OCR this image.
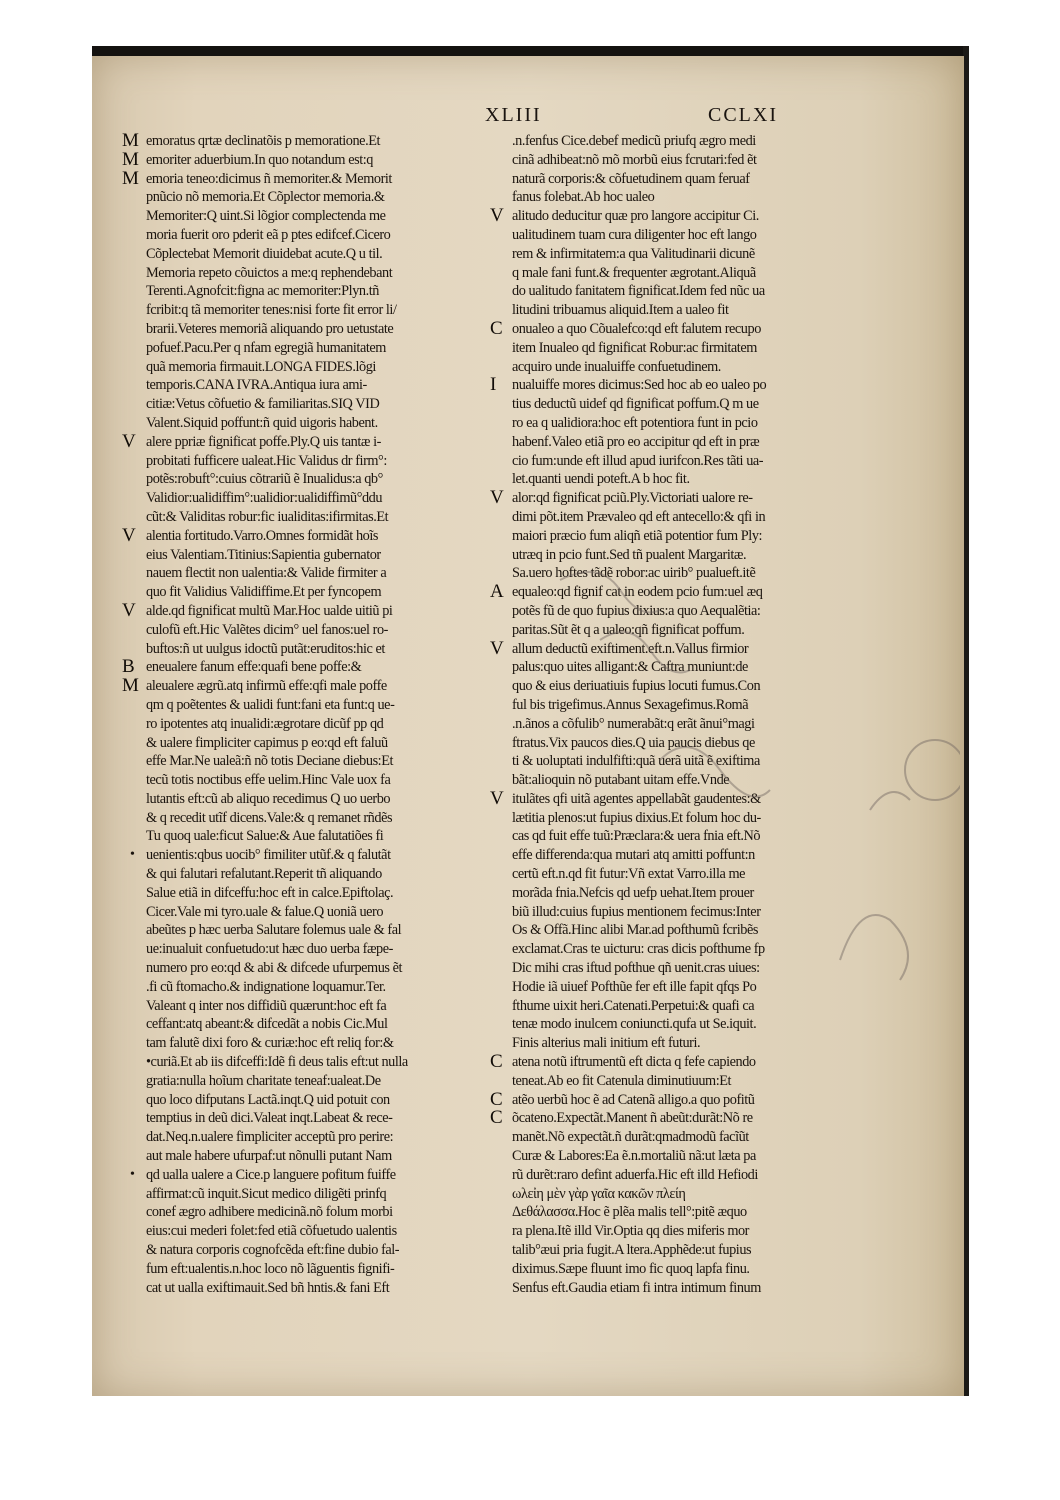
XLIII	CCLXI
M emoratus qrtæ declinatõis p memoratione.Et
M emoriter aduerbium.In quo notandum est:q
M emoria teneo:dicimus ñ memoriter.& Memorit
pnũcio nõ memoria.Et Cõplector memoria.&
Memoriter:Q uint.Si lõgior complectenda me
moria fuerit oro pderit eã p ptes edifcef.Cicero
Cõplectebat Memorit diuidebat acute.Q u til.
Memoria repeto cõuictos a me:q rephendebant
Terenti.Agnofcit:figna ac memoriter:Plyn.tñ
fcribit:q tã memoriter tenes:nisi forte fit error li/
brarii.Veteres memoriã aliquando pro uetustate
pofuef.Pacu.Per q nfam egregiã humanitatem
quã memoria firmauit.LONGA FIDES.lõgi
temporis.CANA IVRA.Antiqua iura ami-
citiæ:Vetus cõfuetio & familiaritas.SIQ VID
Valent.Siquid poffunt:ñ quid uigoris habent.
V alere ppriæ fignificat poffe.Ply.Q uis tantæ i-
probitati fufficere ualeat.Hic Validus dr firm°:
potẽs:robuft°:cuius cõtrariũ ẽ Inualidus:a qb°
Validior:ualidiffim°:ualidior:ualidiffimũ°ddu
cũt:& Validitas robur:fic iualiditas:ifirmitas.Et
V alentia fortitudo.Varro.Omnes formidãt hoĩs
eius Valentiam.Titinius:Sapientia gubernator
nauem flectit non ualentia:& Valide firmiter a
quo fit Validius Validiffime.Et per fyncopem
V alde.qd fignificat multũ Mar.Hoc ualde uitiũ pi
culofũ eft.Hic Valẽtes dicim° uel fanos:uel ro-
buftos:ñ ut uulgus idoctũ putãt:eruditos:hic et
B eneualere fanum effe:quafi bene poffe:&
M aleualere ægrũ.atq infirmũ effe:qfi male poffe
qm q poẽtentes & ualidi funt:fani eta funt:q ue-
ro ipotentes atq inualidi:ægrotare dicũf pp qd
& ualere fimpliciter capimus p eo:qd eft faluũ
effe Mar.Ne ualeã:ñ nõ totis Deciane diebus:Et
tecũ totis noctibus effe uelim.Hinc Vale uox fa
lutantis eft:cũ ab aliquo recedimus Q uo uerbo
& q recedit utĩf dicens.Vale:& q remanet rñdẽs
Tu quoq uale:ficut Salue:& Aue falutatiões fi
• uenientis:qbus uocib° fimiliter utũf.& q falutãt
& qui falutari refalutant.Reperit tñ aliquando
Salue etiã in difceffu:hoc eft in calce.Epiftolaç.
Cicer.Vale mi tyro.uale & falue.Q uoniã uero
abeũtes p hæc uerba Salutare folemus uale & fal
ue:inualuit confuetudo:ut hæc duo uerba fæpe-
numero pro eo:qd & abi & difcede ufurpemus ẽt
.fi cũ ftomacho.& indignatione loquamur.Ter.
Valeant q inter nos diffidiũ quærunt:hoc eft fa
ceffant:atq abeant:& difcedãt a nobis Cic.Mul
tam falutẽ dixi foro & curiæ:hoc eft reliq for:&
•curiã.Et ab iis difceffi:Idẽ fi deus talis eft:ut nulla
gratia:nulla hoĩum charitate teneaf:ualeat.De
quo loco difputans Lactã.inqt.Q uid potuit con
temptius in deũ dici.Valeat inqt.Labeat & rece-
dat.Neq.n.ualere fimpliciter acceptũ pro perire:
aut male habere ufurpaf:ut nõnulli putant Nam
• qd ualla ualere a Cice.p languere pofitum fuiffe
affirmat:cũ inquit.Sicut medico diligẽti prinfq
conef ægro adhibere medicinã.nõ folum morbi
eius:cui mederi folet:fed etiã cõfuetudo ualentis
& natura corporis cognofcẽda eft:fine dubio fal-
fum eft:ualentis.n.hoc loco nõ lãguentis fignifi-
cat ut ualla exiftimauit.Sed bñ hntis.& fani Eft
.n.fenfus Cice.debef medicũ priufq ægro medi
cinã adhibeat:nõ mõ morbũ eius fcrutari:fed ẽt
naturã corporis:& cõfuetudinem quam feruaf
fanus folebat.Ab hoc ualeo
V alitudo deducitur quæ pro langore accipitur Ci.
ualitudinem tuam cura diligenter hoc eft lango
rem & infirmitatem:a qua Valitudinarii dicunẽ
q male fani funt.& frequenter ægrotant.Aliquã
do ualitudo fanitatem fignificat.Idem fed nũc ua
litudini tribuamus aliquid.Item a ualeo fit
C onualeo a quo Cõualefco:qd eft falutem recupo
item Inualeo qd fignificat Robur:ac firmitatem
acquiro unde inualuiffe confuetudinem.
I nualuiffe mores dicimus:Sed hoc ab eo ualeo po
tius deductũ uidef qd fignificat poffum.Q m ue
ro ea q ualidiora:hoc eft potentiora funt in pcio
habenf.Valeo etiã pro eo accipitur qd eft in præ
cio fum:unde eft illud apud iurifcon.Res tãti ua-
let.quanti uendi poteft.A b hoc fit.
V alor:qd fignificat pciũ.Ply.Victoriati ualore re-
dimi põt.item Prævaleo qd eft antecello:& qfi in
maiori præcio fum aliqñ etiã potentior fum Ply:
utræq in pcio funt.Sed tñ pualent Margaritæ.
Sa.uero hoftes tãdẽ robor:ac uirib° pualueft.itẽ
A equaleo:qd fignif cat in eodem pcio fum:uel æq
potẽs fũ de quo fupius dixius:a quo Aequalẽtia:
paritas.Sũt ẽt q a ualeo:qñ fignificat poffum.
V allum deductũ exiftiment.eft.n.Vallus firmior
palus:quo uites alligant:& Caftra muniunt:de
quo & eius deriuatiuis fupius locuti fumus.Con
ful bis trigefimus.Annus Sexagefimus.Romã
.n.ãnos a cõfulib° numerabãt:q erãt ãnui°magi
ftratus.Vix paucos dies.Q uia paucis diebus qe
ti & uoluptati indulfifti:quã uerã uitã ẽ exiftima
bãt:alioquin nõ putabant uitam effe.Vnde
V itulãtes qfi uitã agentes appellabãt gaudentes:&
lætitia plenos:ut fupius dixius.Et folum hoc du-
cas qd fuit effe tuũ:Præclara:& uera fnia eft.Nõ
effe differenda:qua mutari atq amitti poffunt:n
certũ eft.n.qd fit futur:Vñ extat Varro.illa me
morãda fnia.Nefcis qd uefp uehat.Item prouer
biũ illud:cuius fupius mentionem fecimus:Inter
Os & Offã.Hinc alibi Mar.ad pofthumũ fcribẽs
exclamat.Cras te uicturu: cras dicis pofthume fp
Dic mihi cras iftud pofthue qñ uenit.cras uiues:
Hodie iã uiuef Pofthũe fer eft ille fapit qfqs Po
fthume uixit heri.Catenati.Perpetui:& quafi ca
tenæ modo inulcem coniuncti.qufa ut Se.iquit.
Finis alterius mali initium eft futuri.
C atena notũ iftrumentũ eft dicta q fefe capiendo
teneat.Ab eo fit Catenula diminutiuum:Et
C atẽo uerbũ hoc ẽ ad Catenã alligo.a quo pofitũ
C õcateno.Expectãt.Manent ñ abeũt:durãt:Nõ re
manẽt.Nõ expectãt.ñ durãt:qmadmodũ facĩũt
Curæ & Labores:Ea ẽ.n.mortaliũ nã:ut læta pa
rũ durẽt:raro defint aduerfa.Hic eft illd Hefiodi
ωλεἰη μὲν γὰρ γαῖα κακῶν πλείη
Δεθάλασσα.Hoc ẽ plẽa malis tell°:pitẽ æquo
ra plena.Itẽ illd Vir.Optia qq dies miferis mor
talib°æui pria fugit.A ltera.Apphẽde:ut fupius
diximus.Sæpe fluunt imo fic quoq lapfa finu.
Senfus eft.Gaudia etiam fi intra intimum finum
